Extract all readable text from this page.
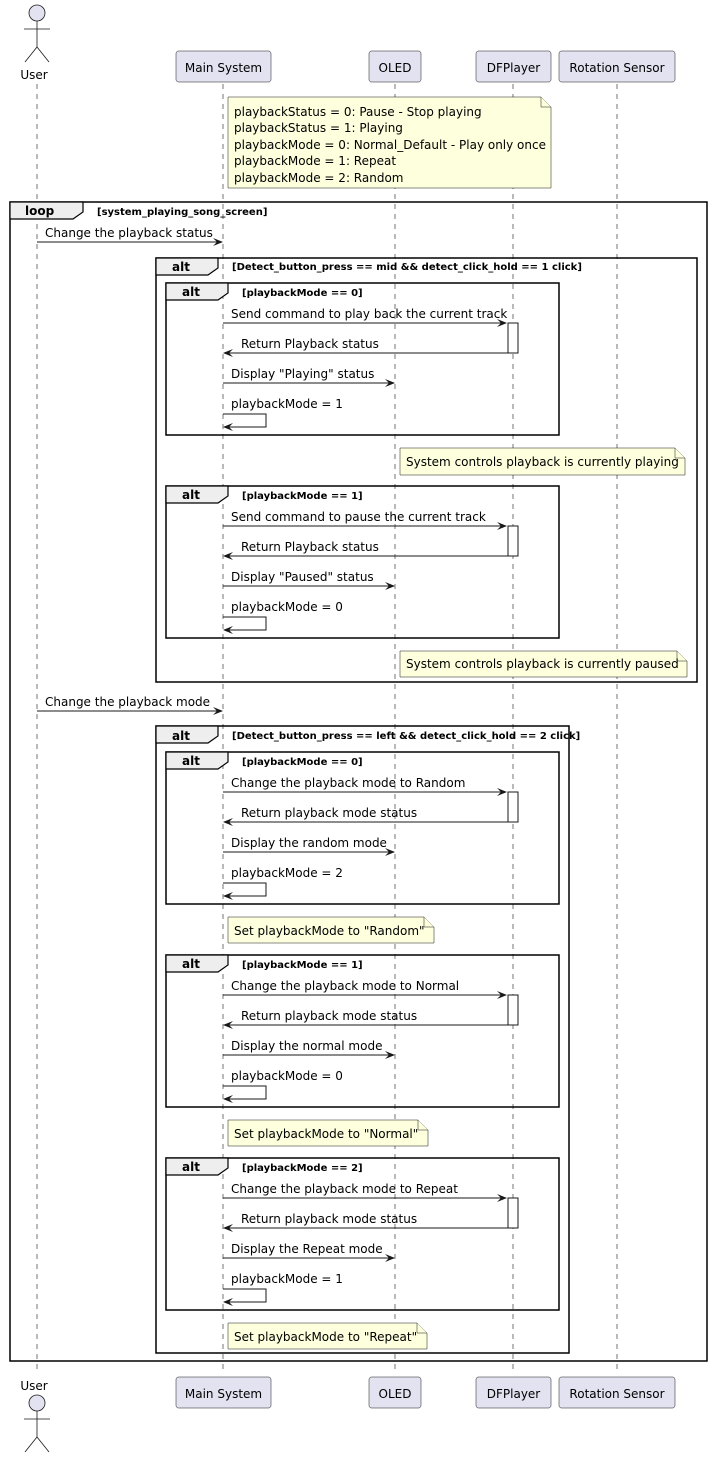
User	Main System	OLED	DFPlayer Rotation Sensor
playbackStatus = 0: Pause - Stop playing
playbackStatus = 1: Playing
playbackMode = 0: Normal_Default - Play only once
playbackMode = 1: Repeat
playbackMode = 2: Random
loop	[system_playing_song_screen]
Change the playback status
alt	[Detect_button_press == mid && detect_click_hold == 1 click]
alt	[playbackMode == 0]
Send command to play back the current track
Return Playback status
Display "Playing" status
playbackMode = 1
System controls playback is currently playing
alt	[playbackMode == 1]
Send command to pause the current track
Return Playback status
Display "Paused" status
playbackMode = 0
System controls playback is currently paused
Change the playback mode
alt	[Detect_button_press == left && detect_click_hold == 2 click]
alt	[playbackMode == 0]
Change the playback mode to Random
Return playback mode status
Display the random mode
playbackMode = 2
Set playbackMode to "Random"
alt	[playbackMode == 1]
Change the playback mode to Normal
Return playback mode status
Display the normal mode
playbackMode = 0
Set playbackMode to "Normal"
alt	[playbackMode == 2]
Change the playback mode to Repeat
Return playback mode status
Display the Repeat mode
playbackMode = 1
Set playbackMode to "Repeat"
User
Main System	OLED	DFPlayer Rotation Sensor
